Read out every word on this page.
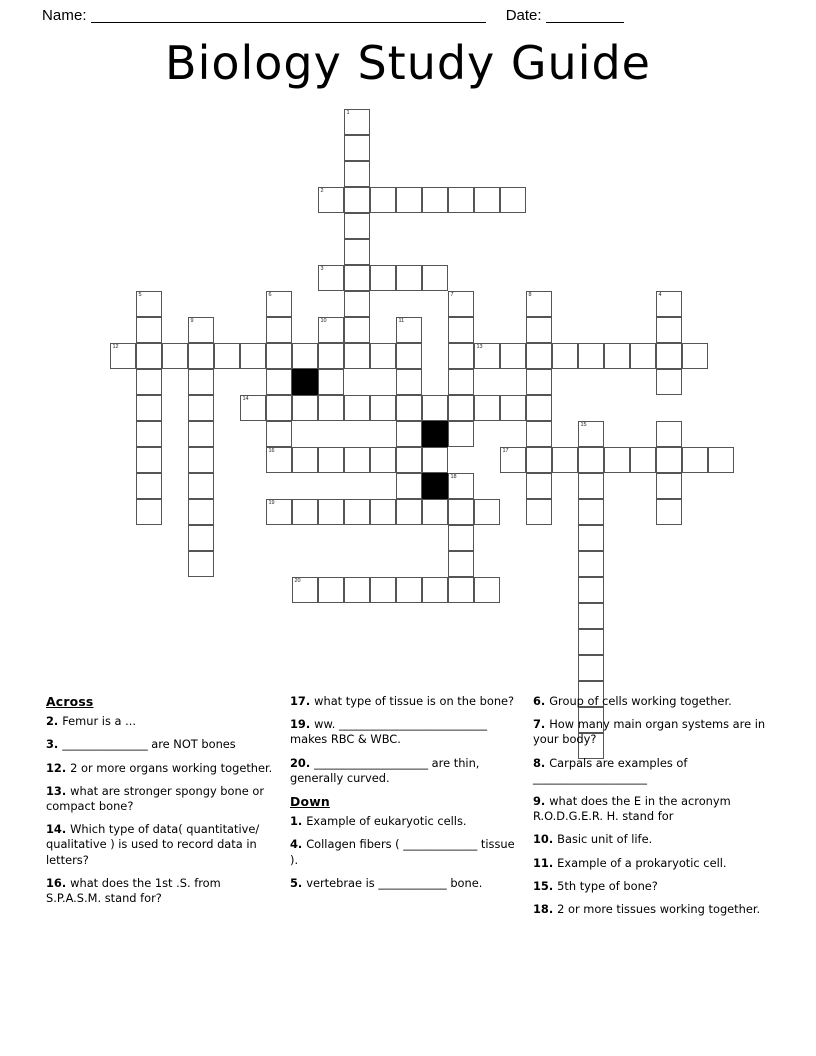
Name:	Date:
Biology Study Guide
1
2
3
5	6	7	8	4
9	10	11
12	13
14
15
16	17
18
19
20
Across
2. Femur is a ...
3. _______________ are NOT bones
12. 2 or more organs working together.
13. what are stronger spongy bone or compact bone?
14. Which type of data( quantitative/ qualitative ) is used to record data in letters?
16. what does the 1st .S. from S.P.A.S.M. stand for?
17. what type of tissue is on the bone?
19. ww. __________________________ makes RBC & WBC.
20. ____________________ are thin, generally curved.
Down
1. Example of eukaryotic cells.
4. Collagen fibers ( _____________ tissue ).
5. vertebrae is ____________ bone.
6. Group of cells working together.
7. How many main organ systems are in your body?
8. Carpals are examples of ____________________
9. what does the E in the acronym R.O.D.G.E.R. H. stand for
10. Basic unit of life.
11. Example of a prokaryotic cell.
15. 5th type of bone?
18. 2 or more tissues working together.
